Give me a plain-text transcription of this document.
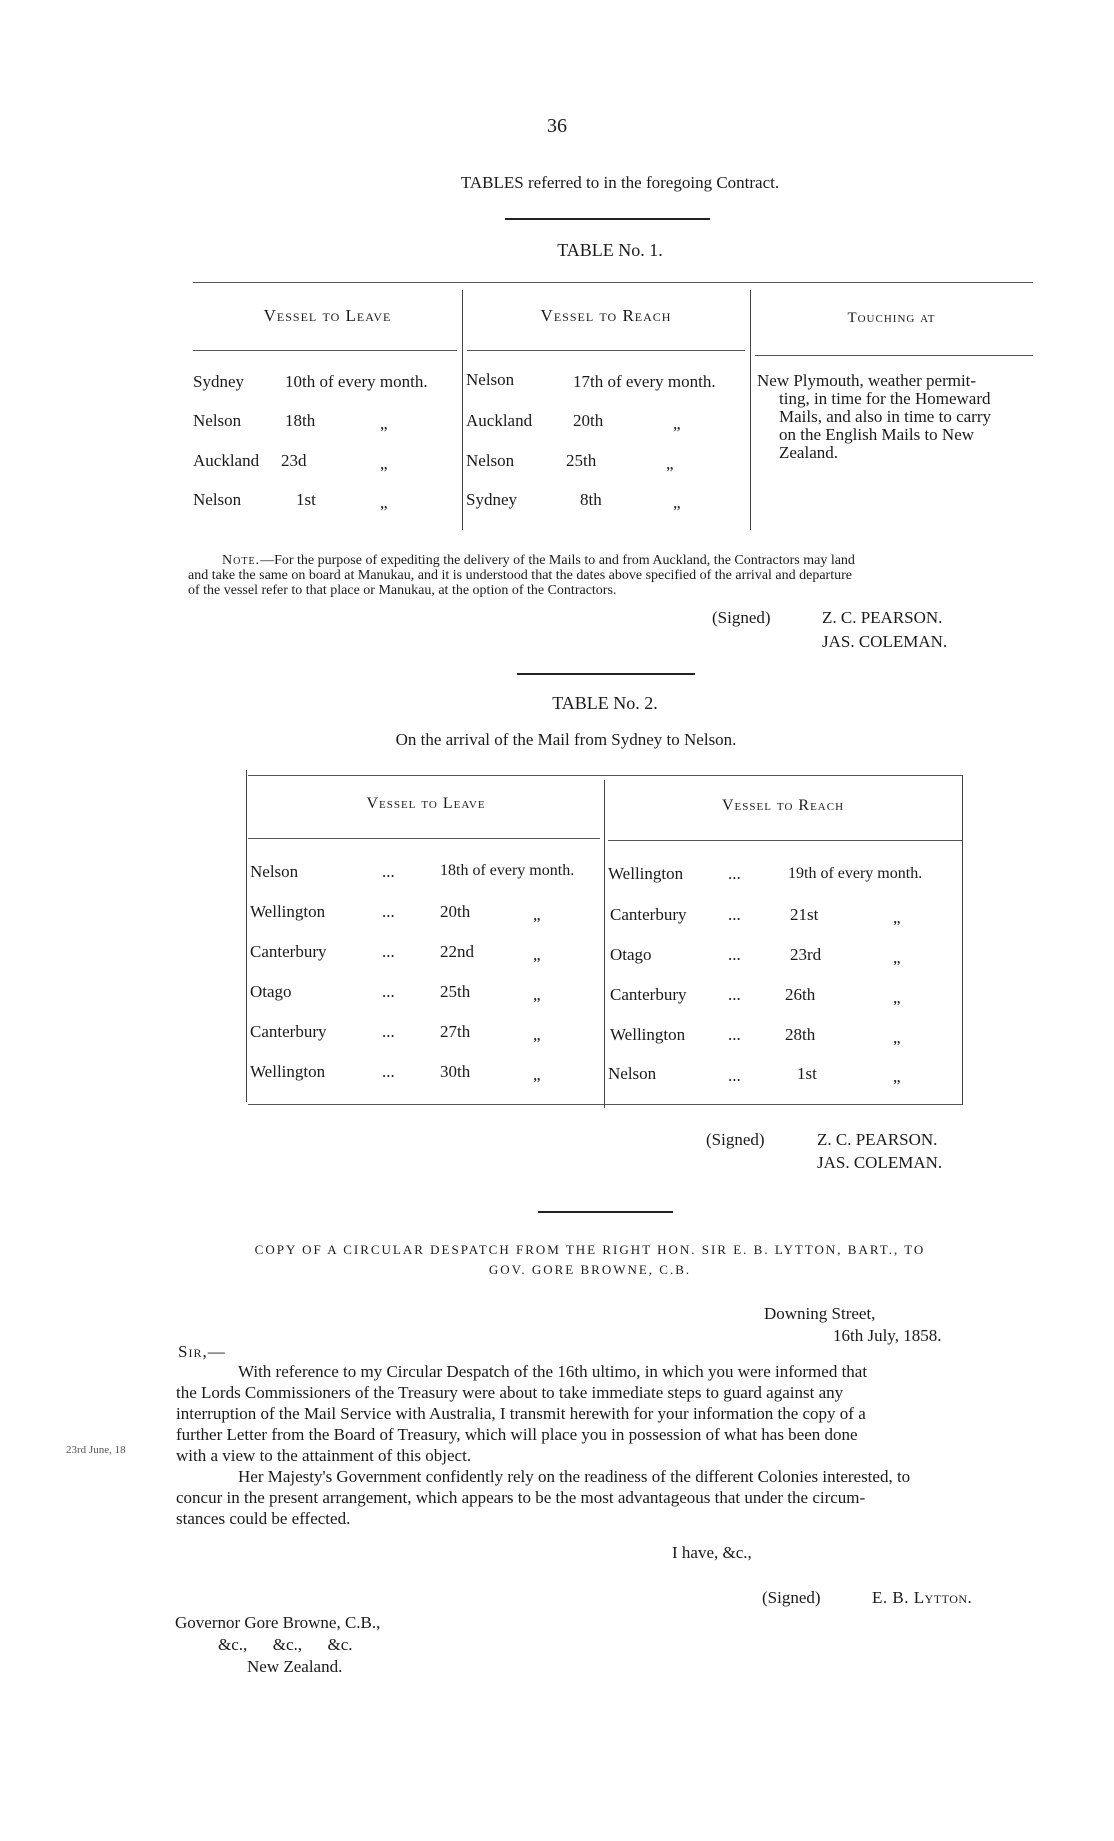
36
TABLES referred to in the foregoing Contract.
TABLE No. 1.
Vessel to Leave	Vessel to Reach	Touching at
Sydney 10th of every month. Nelson	17th of every month.
Nelson	18th	„	Auckland 20th	„
Auckland 23d	„	Nelson	25th	„
Nelson	1st	„	Sydney	8th	„
New Plymouth, weather permit-
ting, in time for the Homeward
Mails, and also in time to carry
on the English Mails to New
Zealand.
Note.—For the purpose of expediting the delivery of the Mails to and from Auckland, the Contractors may land
and take the same on board at Manukau, and it is understood that the dates above specified of the arrival and departure
of the vessel refer to that place or Manukau, at the option of the Contractors.
(Signed)	Z. C. PEARSON.
JAS. COLEMAN.
TABLE No. 2.
On the arrival of the Mail from Sydney to Nelson.
Vessel to Leave	Vessel to Reach
Nelson	...	18th of every month. Wellington	...	19th of every month.
Wellington	...	20th	„	Canterbury ...	21st	„
Canterbury	...	22nd	„	Otago	...	23rd	„
Otago	...	25th	„	Canterbury ...	26th	„
Canterbury	...	27th	„	Wellington	...	28th	„
Wellington	...	30th	„	Nelson	...	1st	„
(Signed)	Z. C. PEARSON.
JAS. COLEMAN.
COPY OF A CIRCULAR DESPATCH FROM THE RIGHT HON. SIR E. B. LYTTON, BART., TO
GOV. GORE BROWNE, C.B.
Downing Street,
16th July, 1858.
Sir,—
With reference to my Circular Despatch of the 16th ultimo, in which you were informed that
the Lords Commissioners of the Treasury were about to take immediate steps to guard against any
interruption of the Mail Service with Australia, I transmit herewith for your information the copy of a
further Letter from the Board of Treasury, which will place you in possession of what has been done
with a view to the attainment of this object.
23rd June, 18
Her Majesty's Government confidently rely on the readiness of the different Colonies interested, to
concur in the present arrangement, which appears to be the most advantageous that under the circum-
stances could be effected.
I have, &c.,
(Signed)	E. B. Lytton.
Governor Gore Browne, C.B.,
&c.,      &c.,      &c.
New Zealand.
